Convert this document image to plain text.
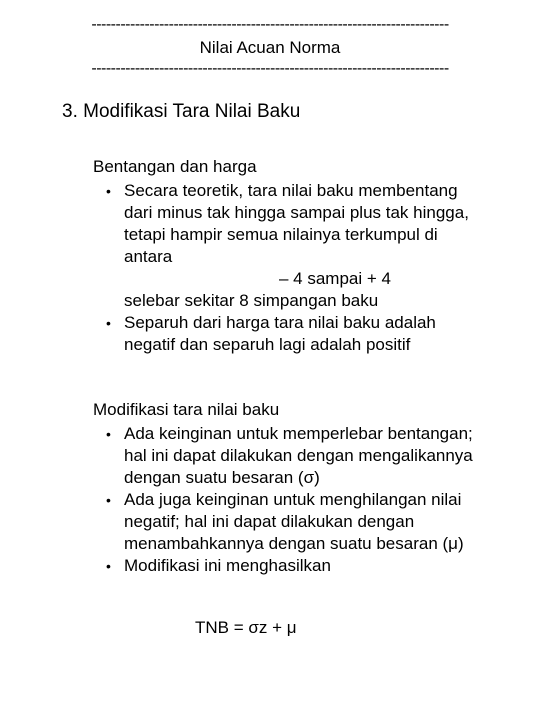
--------------------------------------------------------------------------
Nilai Acuan Norma
--------------------------------------------------------------------------
3. Modifikasi Tara Nilai Baku
Bentangan dan harga
• Secara teoretik, tara nilai baku membentang
dari minus tak hingga sampai plus tak hingga,
tetapi hampir semua nilainya terkumpul di
antara
– 4 sampai + 4
selebar sekitar 8 simpangan baku
• Separuh dari harga tara nilai baku adalah
negatif dan separuh lagi adalah positif
Modifikasi tara nilai baku
• Ada keinginan untuk memperlebar bentangan;
hal ini dapat dilakukan dengan mengalikannya
dengan suatu besaran (σ)
• Ada juga keinginan untuk menghilangan nilai
negatif; hal ini dapat dilakukan dengan
menambahkannya dengan suatu besaran (μ)
• Modifikasi ini menghasilkan
TNB = σz + μ
